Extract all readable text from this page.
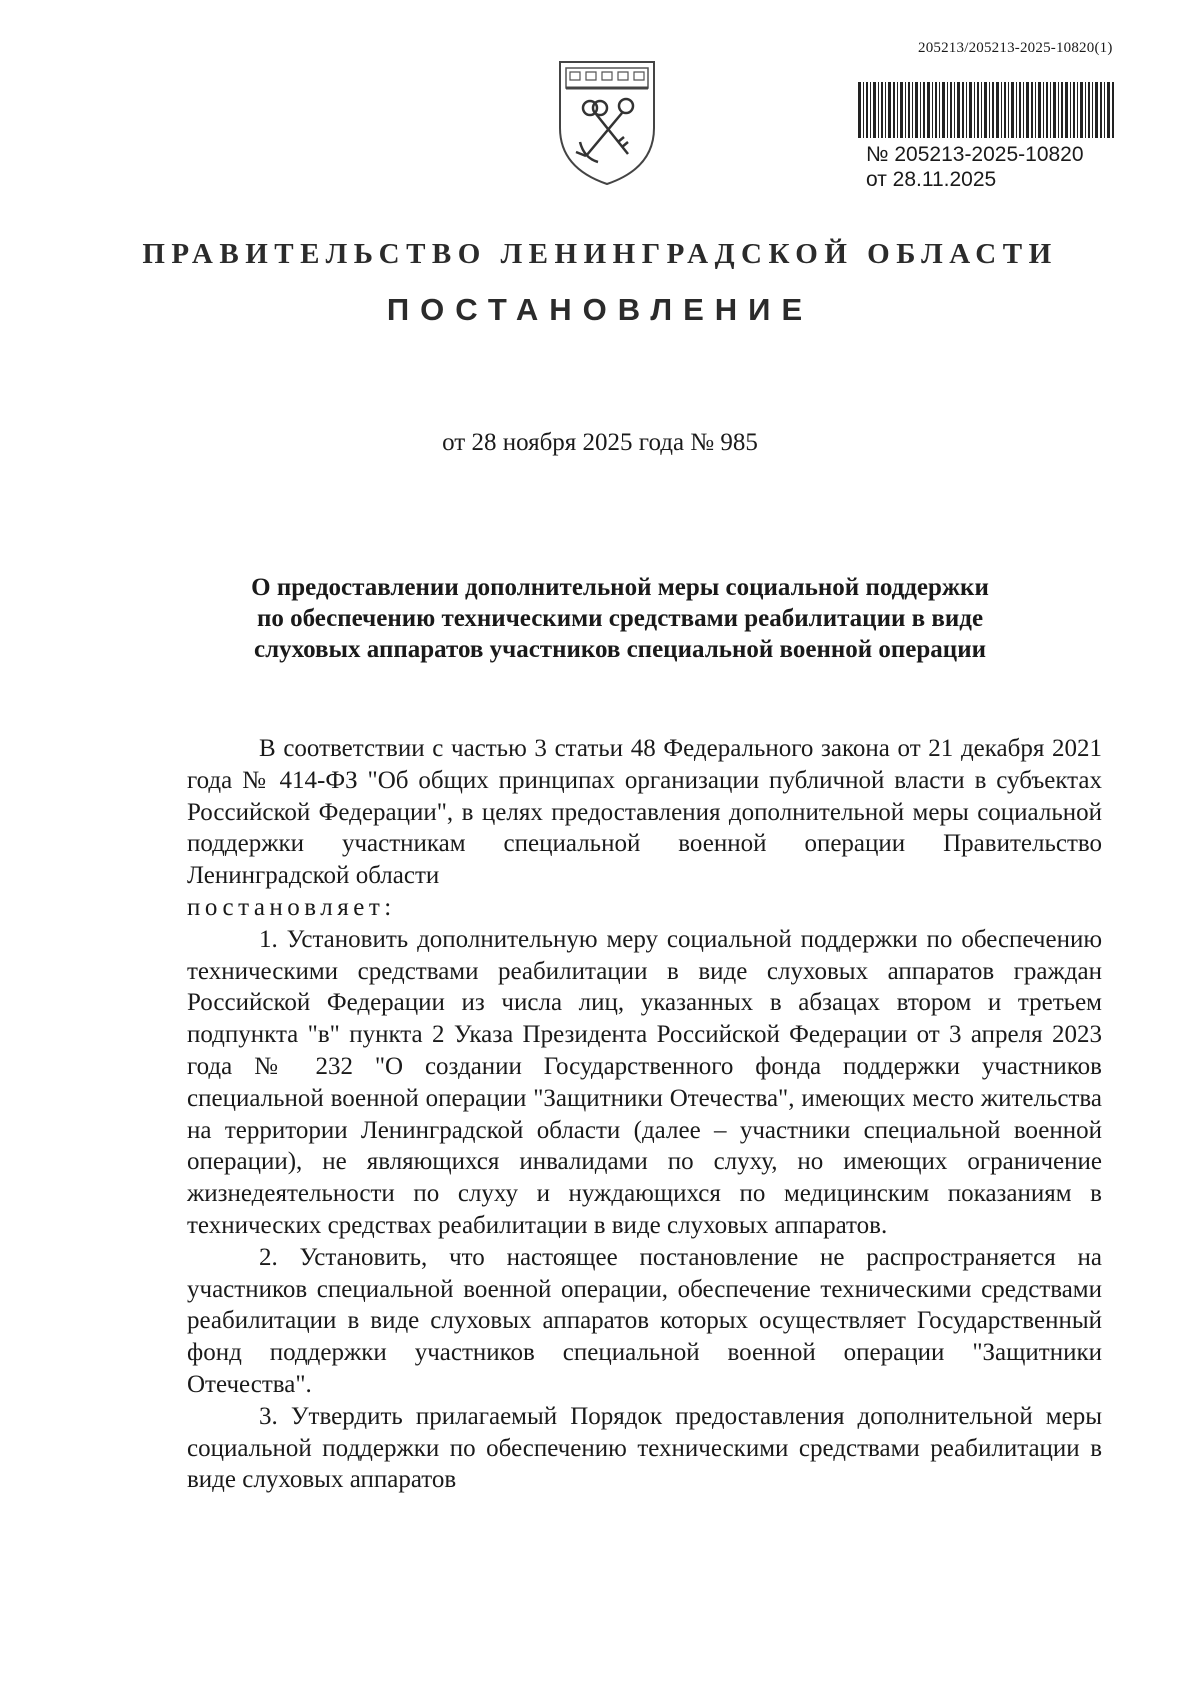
205213/205213-2025-10820(1)
№ 205213-2025-10820
от 28.11.2025
ПРАВИТЕЛЬСТВО ЛЕНИНГРАДСКОЙ ОБЛАСТИ
ПОСТАНОВЛЕНИЕ
от 28 ноября 2025 года № 985
О предоставлении дополнительной меры социальной поддержки по обеспечению техническими средствами реабилитации в виде слуховых аппаратов участников специальной военной операции

В соответствии с частью 3 статьи 48 Федерального закона от 21 декабря 2021 года № 414-ФЗ "Об общих принципах организации публичной власти в субъектах Российской Федерации", в целях предоставления дополнительной меры социальной поддержки участникам специальной военной операции Правительство Ленинградской области

постановляет:

1. Установить дополнительную меру социальной поддержки по обеспечению техническими средствами реабилитации в виде слуховых аппаратов граждан Российской Федерации из числа лиц, указанных в абзацах втором и третьем подпункта "в" пункта 2 Указа Президента Российской Федерации от 3 апреля 2023 года № 232 "О создании Государственного фонда поддержки участников специальной военной операции "Защитники Отечества", имеющих место жительства на территории Ленинградской области (далее – участники специальной военной операции), не являющихся инвалидами по слуху, но имеющих ограничение жизнедеятельности по слуху и нуждающихся по медицинским показаниям в технических средствах реабилитации в виде слуховых аппаратов.

2. Установить, что настоящее постановление не распространяется на участников специальной военной операции, обеспечение техническими средствами реабилитации в виде слуховых аппаратов которых осуществляет Государственный фонд поддержки участников специальной военной операции "Защитники Отечества".

3. Утвердить прилагаемый Порядок предоставления дополнительной меры социальной поддержки по обеспечению техническими средствами реабилитации в виде слуховых аппаратов
